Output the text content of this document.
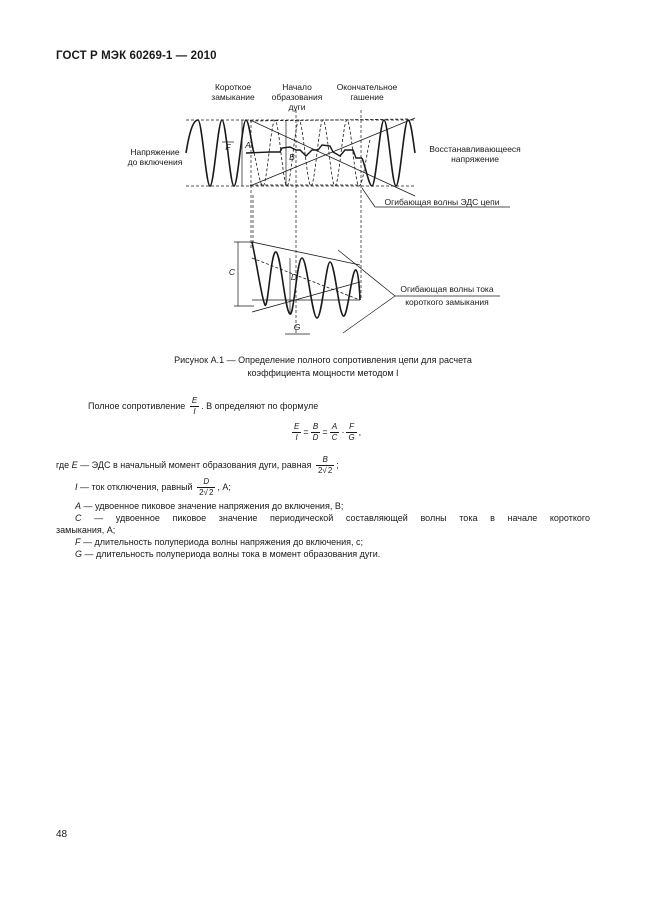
ГОСТ Р МЭК 60269-1 — 2010
Короткое
замыкание
Начало
образования
дуги
Окончательное
гашение
Напряжение
до включения
Восстанавливающееся
напряжение
Огибающая волны ЭДС цепи
F A
B
C	D
G
Огибающая волны тока
короткого замыкания
Рисунок А.1 — Определение полного сопротивления цепи для расчета
коэффициента мощности методом I
Полное сопротивление $\frac{E}{I}$ . В определяют по формуле
$\frac{E}{I} = \frac{B}{D} = \frac{A}{C} \cdot \frac{F}{G}$ ,
где E — ЭДС в начальный момент образования дуги, равная $\frac{B}{2√2}$ ;
I — ток отключения, равный $\frac{D}{2√2}$ , А;
A — удвоенное пиковое значение напряжения до включения, В;
C — удвоенное пиковое значение периодической составляющей волны тока в начале короткого
замыкания, А;
F — длительность полупериода волны напряжения до включения, с;
G — длительность полупериода волны тока в момент образования дуги.
48
